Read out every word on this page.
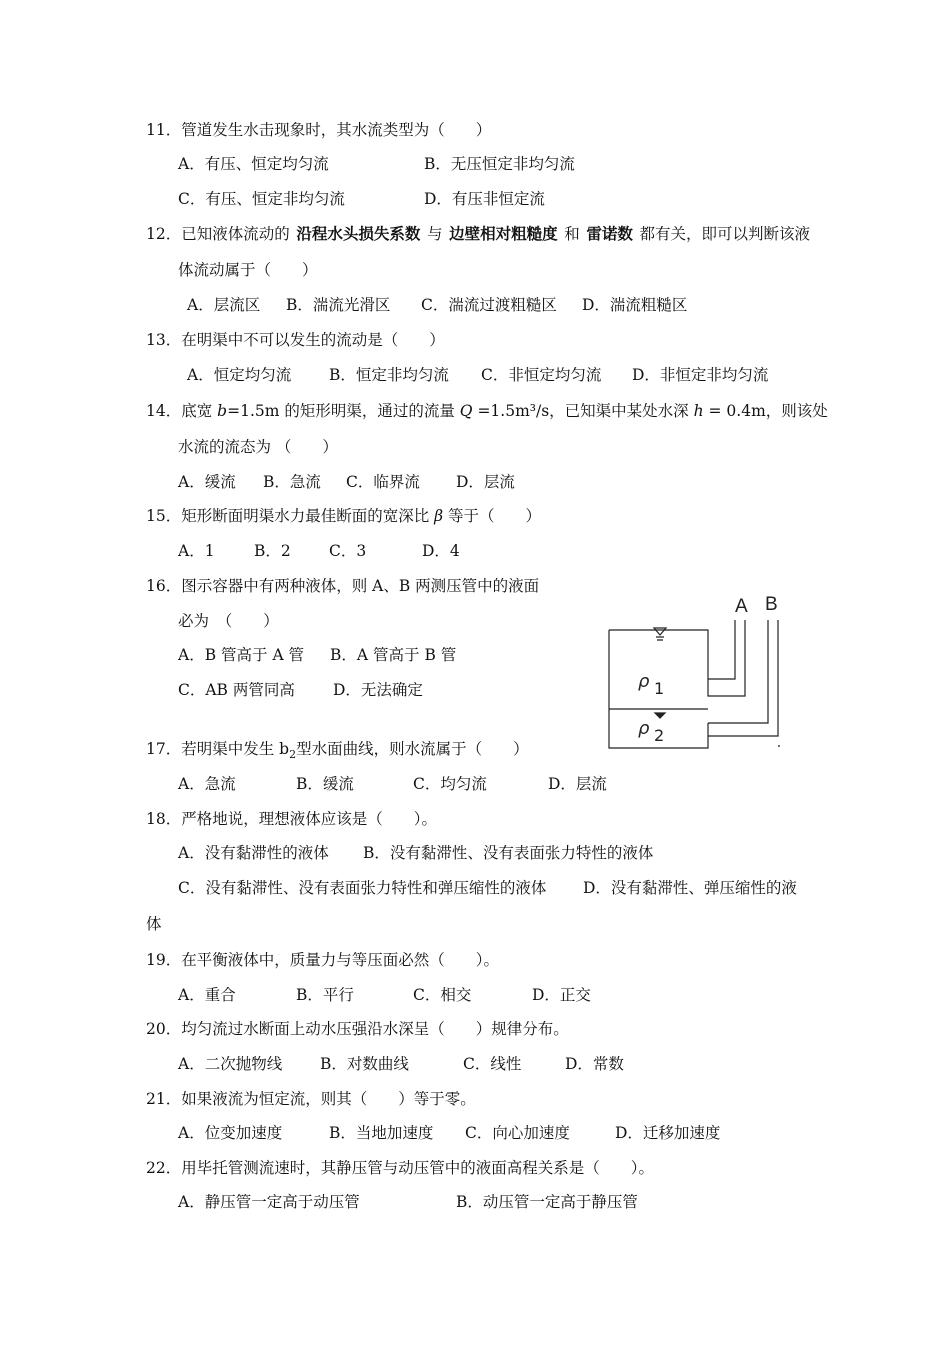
11．管道发生水击现象时，其水流类型为（　　）
A．有压、恒定均匀流	B．无压恒定非均匀流
C．有压、恒定非均匀流	D．有压非恒定流
12．已知液体流动的 沿程水头损失系数 与 边壁相对粗糙度 和 雷诺数 都有关，即可以判断该液
体流动属于（　　）
A．层流区 B．湍流光滑区 C．湍流过渡粗糙区 D．湍流粗糙区
13．在明渠中不可以发生的流动是（　　）
A．恒定均匀流 B．恒定非均匀流 C．非恒定均匀流 D．非恒定非均匀流
14．底宽 b=1.5m 的矩形明渠，通过的流量 Q =1.5m³/s，已知渠中某处水深 h = 0.4m，则该处
水流的流态为 （　　）
A．缓流 B．急流 C．临界流 D．层流
15．矩形断面明渠水力最佳断面的宽深比 β 等于（　　）
A．1	B．2 C．3	D．4
16．图示容器中有两种液体，则 A、B 两测压管中的液面
必为　（　　）
A．B 管高于 A 管 B．A 管高于 B 管
C．AB 两管同高 D．无法确定
A B
ρ 1
ρ 2
17．若明渠中发生 $b_2$型水面曲线，则水流属于（　　）
A．急流	B．缓流	C．均匀流	D．层流
18．严格地说，理想液体应该是（　　）。
A．没有黏滞性的液体 B．没有黏滞性、没有表面张力特性的液体
C．没有黏滞性、没有表面张力特性和弹压缩性的液体 D．没有黏滞性、弹压缩性的液
体
19．在平衡液体中，质量力与等压面必然（　　）。
A．重合	B．平行	C．相交	D．正交
20．均匀流过水断面上动水压强沿水深呈（　　）规律分布。
A．二次抛物线 B．对数曲线	C．线性	D．常数
21．如果液流为恒定流，则其（　　）等于零。
A．位变加速度	B．当地加速度 C．向心加速度	D．迁移加速度
22．用毕托管测流速时，其静压管与动压管中的液面高程关系是（　　）。
A．静压管一定高于动压管	B．动压管一定高于静压管
